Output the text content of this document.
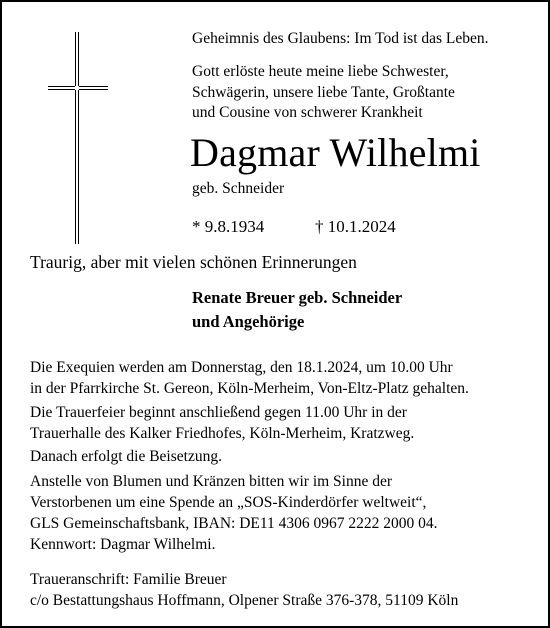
Geheimnis des Glaubens: Im Tod ist das Leben.
Gott erlöste heute meine liebe Schwester,
Schwägerin, unsere liebe Tante, Großtante
und Cousine von schwerer Krankheit
Dagmar Wilhelmi
geb. Schneider
* 9.8.1934	† 10.1.2024
Traurig, aber mit vielen schönen Erinnerungen
Renate Breuer geb. Schneider
und Angehörige
Die Exequien werden am Donnerstag, den 18.1.2024, um 10.00 Uhr
in der Pfarrkirche St. Gereon, Köln-Merheim, Von-Eltz-Platz gehalten.
Die Trauerfeier beginnt anschließend gegen 11.00 Uhr in der
Trauerhalle des Kalker Friedhofes, Köln-Merheim, Kratzweg.
Danach erfolgt die Beisetzung.
Anstelle von Blumen und Kränzen bitten wir im Sinne der
Verstorbenen um eine Spende an „SOS-Kinderdörfer weltweit“,
GLS Gemeinschaftsbank, IBAN: DE11 4306 0967 2222 2000 04.
Kennwort: Dagmar Wilhelmi.
Traueranschrift: Familie Breuer
c/o Bestattungshaus Hoffmann, Olpener Straße 376-378, 51109 Köln
